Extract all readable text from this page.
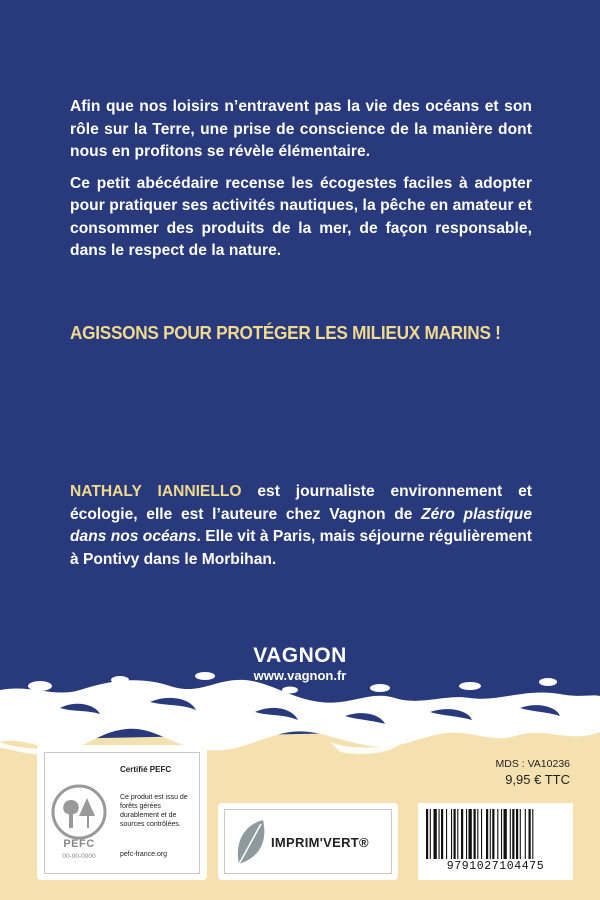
Afin que nos loisirs n’entravent pas la vie des océans et son rôle sur la Terre, une prise de conscience de la manière dont nous en profitons se révèle élémentaire.

Ce petit abécédaire recense les écogestes faciles à adopter pour pratiquer ses activités nautiques, la pêche en amateur et consommer des produits de la mer, de façon responsable, dans le respect de la nature.

AGISSONS POUR PROTÉGER LES MILIEUX MARINS !
NATHALY IANNIELLO est journaliste environnement et écologie, elle est l’auteure chez Vagnon de Zéro plastique dans nos océans. Elle vit à Paris, mais séjourne régulièrement à Pontivy dans le Morbihan.
VAGNON
www.vagnon.fr
PEFC
00-00-0000
Certifié PEFC
Ce produit est issu de forêts gérées durablement et de sources contrôlées.
pefc-france.org
IMPRIM'VERT®
MDS : VA10236
9,95 € TTC
9791027104475
